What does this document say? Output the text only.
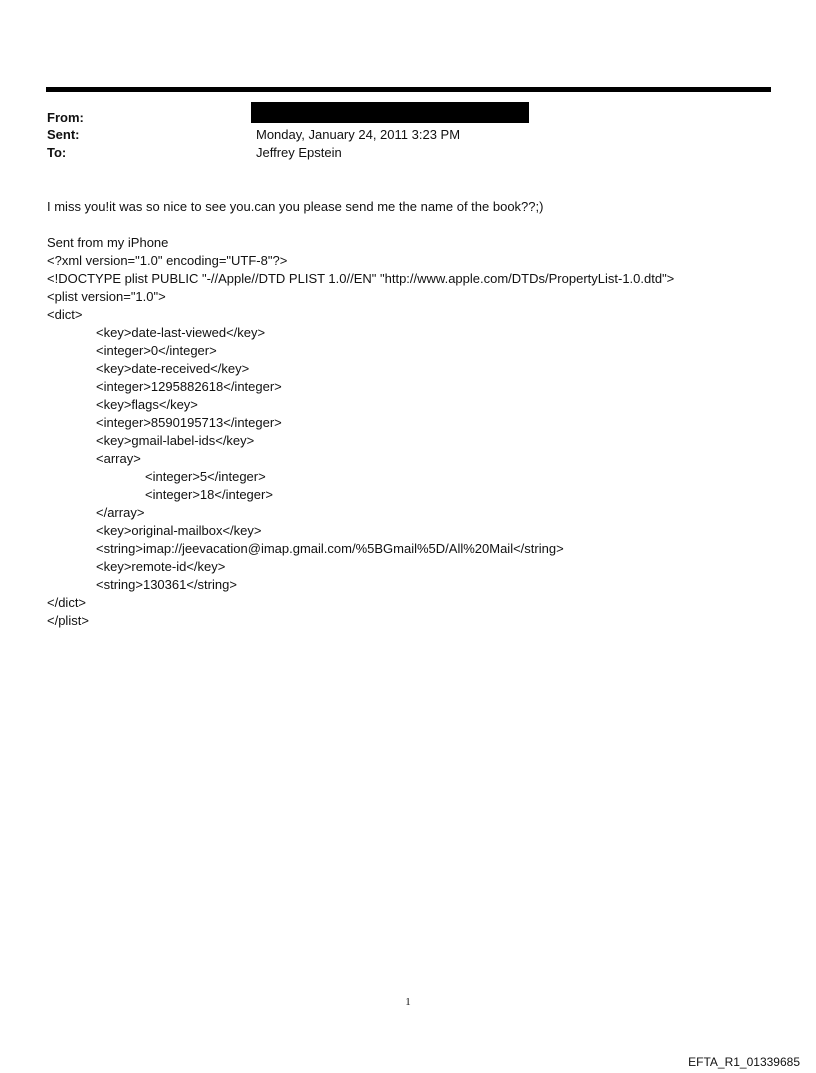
From:
Sent:	Monday, January 24, 2011 3:23 PM
To:	Jeffrey Epstein
I miss you!it was so nice to see you.can you please send me the name of the book??;)
Sent from my iPhone
<?xml version="1.0" encoding="UTF-8"?>
<!DOCTYPE plist PUBLIC "-//Apple//DTD PLIST 1.0//EN" "http://www.apple.com/DTDs/PropertyList-1.0.dtd">
<plist version="1.0">
<dict>
<key>date-last-viewed</key>
<integer>0</integer>
<key>date-received</key>
<integer>1295882618</integer>
<key>flags</key>
<integer>8590195713</integer>
<key>gmail-label-ids</key>
<array>
<integer>5</integer>
<integer>18</integer>
</array>
<key>original-mailbox</key>
<string>imap://jeevacation@imap.gmail.com/%5BGmail%5D/All%20Mail</string>
<key>remote-id</key>
<string>130361</string>
</dict>
</plist>
1
EFTA_R1_01339685
